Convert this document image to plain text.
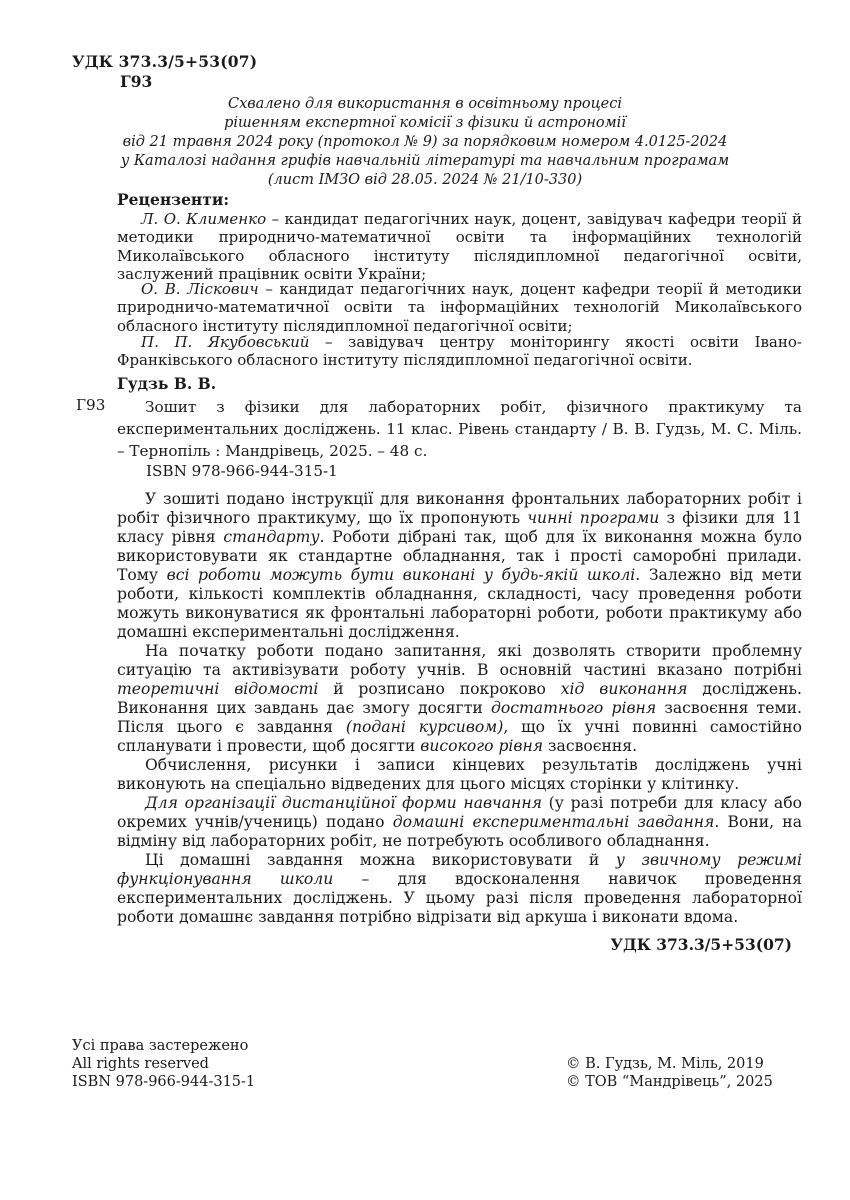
УДК 373.3/5+53(07)
Г93
Схвалено для використання в освітньому процесі
рішенням експертної комісії з фізики й астрономії
від 21 травня 2024 року (протокол № 9) за порядковим номером 4.0125-2024
у Каталозі надання грифів навчальній літературі та навчальним програмам
(лист ІМЗО від 28.05. 2024 № 21/10-330)
Рецензенти:
Л. О. Клименко – кандидат педагогічних наук, доцент, завідувач кафедри теорії й методики природничо-математичної освіти та інформаційних технологій Миколаївського обласного інституту післядипломної педагогічної освіти, заслужений працівник освіти України;
О. В. Лiскович – кандидат педагогічних наук, доцент кафедри теорії й методики природничо-математичної освіти та інформаційних технологій Миколаївського обласного інституту післядипломної педагогічної освіти;
П. П. Якубовський – завідувач центру моніторингу якості освіти Івано-Франківського обласного інституту післядипломної педагогічної освіти.
Гудзь В. В.
Г93	Зошит з фізики для лабораторних робіт, фізичного практикуму та експериментальних досліджень. 11 клас. Рівень стандарту / В. В. Гудзь, М. С. Міль. – Тернопіль : Мандрівець, 2025. – 48 с.
ISBN 978-966-944-315-1

У зошиті подано інструкції для виконання фронтальних лабораторних робіт і робіт фізичного практикуму, що їх пропонують чинні програми з фізики для 11 класу рівня стандарту. Роботи дібрані так, щоб для їх виконання можна було використовувати як стандартне обладнання, так і прості саморобні прилади. Тому всі роботи можуть бути виконані у будь-якій школі. Залежно від мети роботи, кількості комплектів обладнання, складності, часу проведення роботи можуть виконуватися як фронтальні лабораторні роботи, роботи практикуму або домашні експериментальні дослідження.

На початку роботи подано запитання, які дозволять створити проблемну ситуацію та активізувати роботу учнів. В основній частині вказано потрібні теоретичні відомості й розписано покроково хід виконання досліджень. Виконання цих завдань дає змогу досягти достатнього рівня засвоєння теми. Після цього є завдання (подані курсивом), що їх учні повинні самостійно спланувати і провести, щоб досягти високого рівня засвоєння.

Обчислення, рисунки і записи кінцевих результатів досліджень учні виконують на спеціально відведених для цього місцях сторінки у клітинку.

Для організації дистанційної форми навчання (у разі потреби для класу або окремих учнів/учениць) подано домашні експериментальні завдання. Вони, на відміну від лабораторних робіт, не потребують особливого обладнання.

Ці домашні завдання можна використовувати й у звичному режимі функціонування школи – для вдосконалення навичок проведення експериментальних досліджень. У цьому разі після проведення лабораторної роботи домашнє завдання потрібно відрізати від аркуша і виконати вдома.

УДК 373.3/5+53(07)
Усі права застережено
All rights reserved
ISBN 978-966-944-315-1
© В. Гудзь, М. Міль, 2019
© ТОВ “Мандрівець”, 2025
